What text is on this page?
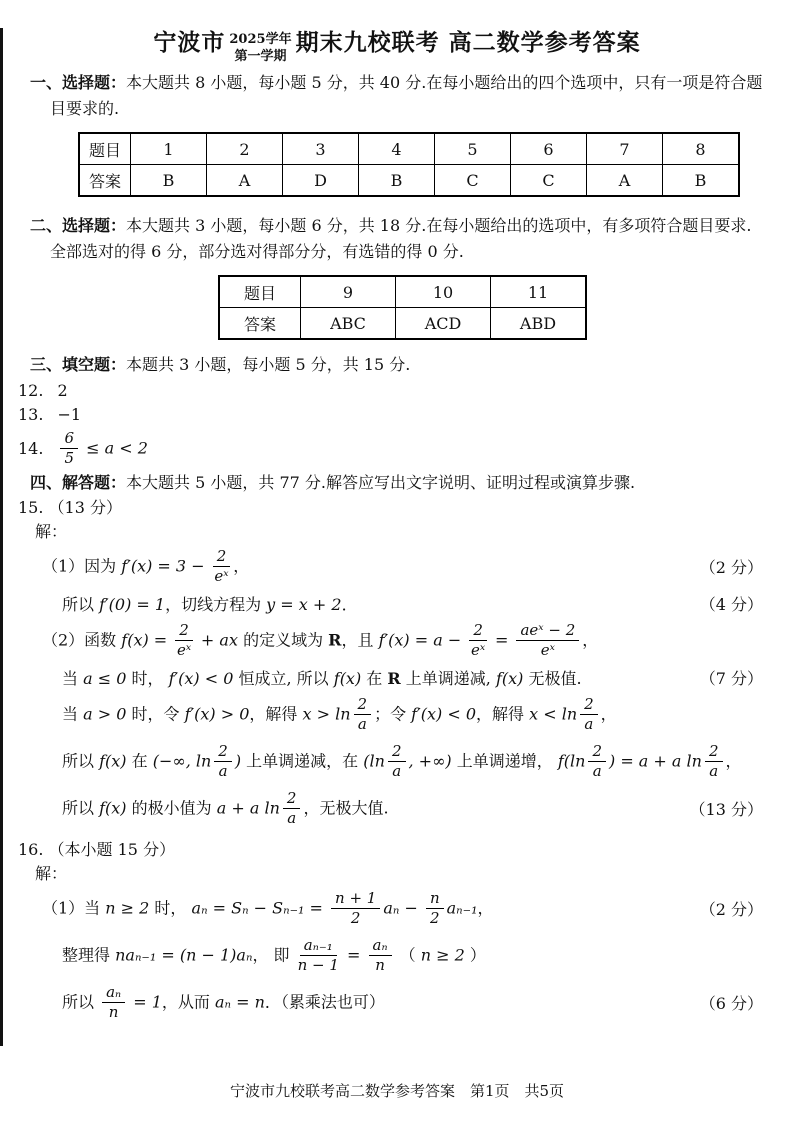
宁波市 2025学年
第一学期 期末九校联考 高二数学参考答案

一、选择题：本大题共 8 小题，每小题 5 分，共 40 分.在每小题给出的四个选项中，只有一项是符合题目要求的.

题目	1	2	3	4	5	6	7	8
答案	B	A	D	B	C	C	A	B

二、选择题：本大题共 3 小题，每小题 6 分，共 18 分.在每小题给出的选项中，有多项符合题目要求.全部选对的得 6 分，部分选对得部分分，有选错的得 0 分.

题目	9	10	11
答案	ABC	ACD	ABD

三、填空题：本题共 3 小题，每小题 5 分，共 15 分.

12. 2
13. −1
14. $\frac{6}{5} \le a < 2$

四、解答题：本大题共 5 小题，共 77 分.解答应写出文字说明、证明过程或演算步骤.

15. （13 分）
解：
（1）因为 $f'(x) = 3 - \frac{2}{\text{eˣ}}$ ，	（2 分）
所以 f′(0) = 1，切线方程为 y = x + 2．	（4 分）
（2）函数 $f(x) = \frac{2}{\text{eˣ}}$ + ax 的定义域为 R，且 $f'(x) = a - \frac{2}{\text{eˣ}} = \frac{\text{aeˣ − 2}}{\text{eˣ}}$ ，
当 a ≤ 0 时， f′(x) < 0 恒成立, 所以 f(x) 在 R 上单调递减, f(x) 无极值.	（7 分）
当 a > 0 时，令 f′(x) > 0，解得 $x > \ln \frac{2}{a}$ ；令 f′(x) < 0，解得 $x < \ln \frac{2}{a}$ ，
所以 f(x) 在 (−∞, $\ln \frac{2}{a}$ ) 上单调递减，在 ($\ln \frac{2}{a}$ , +∞) 上单调递增， $f(\ln \frac{2}{a}$ ) = a + a $\ln \frac{2}{a}$ ，
所以 f(x) 的极小值为 a + a $\ln \frac{2}{a}$ ，无极大值.	（13 分）
16. （本小题 15 分）
解：
（1）当 n ≥ 2 时， $a_n = S_n - S_{n-1} = \frac{n + 1}{2}$ $a_n - \frac{n}{2} a_{n-1}$，	（2 分）
整理得 naₙ₋₁ = (n − 1)aₙ， 即 $\frac{\text{aₙ₋₁}}{n - 1} = \frac{\text{aₙ}}{n}$ （ n ≥ 2 ）
所以 $\frac{\text{aₙ}}{n} = 1$，从而 aₙ = n．（累乘法也可）	（6 分）
宁波市九校联考高二数学参考答案　第1页　共5页
